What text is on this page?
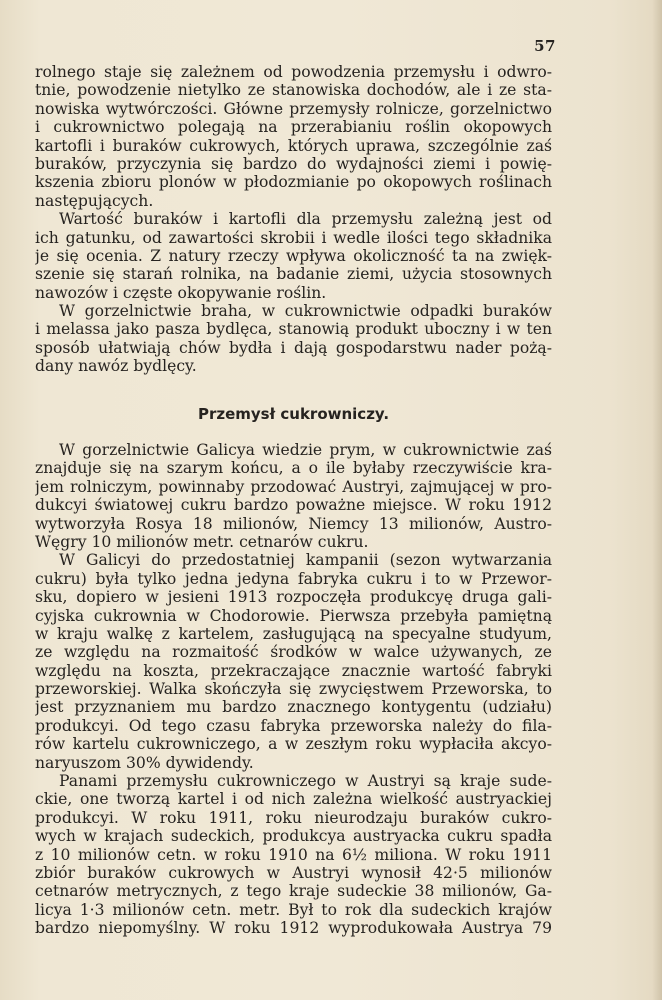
57
rolnego staje się zależnem od powodzenia przemysłu i odwro-
tnie, powodzenie nietylko ze stanowiska dochodów, ale i ze sta-
nowiska wytwórczości. Główne przemysły rolnicze, gorzelnictwo
i cukrownictwo polegają na przerabianiu roślin okopowych
kartofli i buraków cukrowych, których uprawa, szczególnie zaś
buraków, przyczynia się bardzo do wydajności ziemi i powię-
kszenia zbioru plonów w płodozmianie po okopowych roślinach
następujących.
Wartość buraków i kartofli dla przemysłu zależną jest od
ich gatunku, od zawartości skrobii i wedle ilości tego składnika
je się ocenia. Z natury rzeczy wpływa okoliczność ta na zwięk-
szenie się starań rolnika, na badanie ziemi, użycia stosownych
nawozów i częste okopywanie roślin.
W gorzelnictwie braha, w cukrownictwie odpadki buraków
i melassa jako pasza bydlęca, stanowią produkt uboczny i w ten
sposób ułatwiają chów bydła i dają gospodarstwu nader pożą-
dany nawóz bydlęcy.
Przemysł cukrowniczy.
W gorzelnictwie Galicya wiedzie prym, w cukrownictwie zaś
znajduje się na szarym końcu, a o ile byłaby rzeczywiście kra-
jem rolniczym, powinnaby przodować Austryi, zajmującej w pro-
dukcyi światowej cukru bardzo poważne miejsce. W roku 1912
wytworzyła Rosya 18 milionów, Niemcy 13 milionów, Austro-
Węgry 10 milionów metr. cetnarów cukru.
W Galicyi do przedostatniej kampanii (sezon wytwarzania
cukru) była tylko jedna jedyna fabryka cukru i to w Przewor-
sku, dopiero w jesieni 1913 rozpoczęła produkcyę druga gali-
cyjska cukrownia w Chodorowie. Pierwsza przebyła pamiętną
w kraju walkę z kartelem, zasługującą na specyalne studyum,
ze względu na rozmaitość środków w walce używanych, ze
względu na koszta, przekraczające znacznie wartość fabryki
przeworskiej. Walka skończyła się zwycięstwem Przeworska, to
jest przyznaniem mu bardzo znacznego kontygentu (udziału)
produkcyi. Od tego czasu fabryka przeworska należy do fila-
rów kartelu cukrowniczego, a w zeszłym roku wypłaciła akcyo-
naryuszom 30% dywidendy.
Panami przemysłu cukrowniczego w Austryi są kraje sude-
ckie, one tworzą kartel i od nich zależna wielkość austryackiej
produkcyi. W roku 1911, roku nieurodzaju buraków cukro-
wych w krajach sudeckich, produkcya austryacka cukru spadła
z 10 milionów cetn. w roku 1910 na 6½ miliona. W roku 1911
zbiór buraków cukrowych w Austryi wynosił 42·5 milionów
cetnarów metrycznych, z tego kraje sudeckie 38 milionów, Ga-
licya 1·3 milionów cetn. metr. Był to rok dla sudeckich krajów
bardzo niepomyślny. W roku 1912 wyprodukowała Austrya 79
